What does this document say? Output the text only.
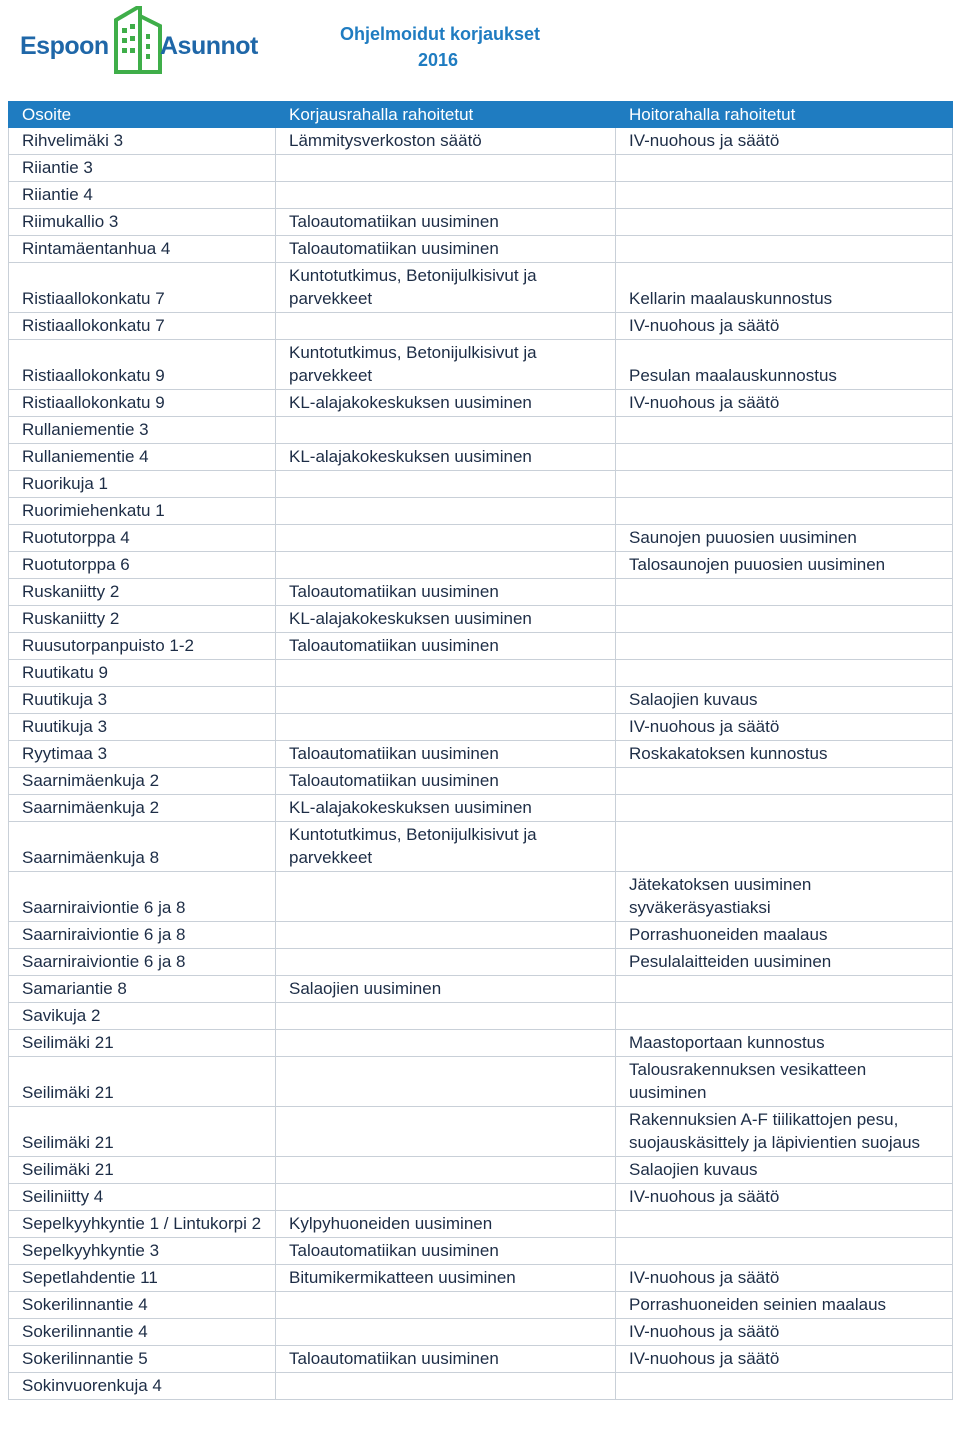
Espoon Asunnot	Ohjelmoidut korjaukset
2016
Osoite	Korjausrahalla rahoitetut	Hoitorahalla rahoitetut
Rihvelimäki 3	Lämmitysverkoston säätö	IV-nuohous ja säätö
Riiantie 3		
Riiantie 4		
Riimukallio 3	Taloautomatiikan uusiminen	
Rintamäentanhua 4	Taloautomatiikan uusiminen	
Ristiaallokonkatu 7	Kuntotutkimus, Betonijulkisivut ja parvekkeet	Kellarin maalauskunnostus
Ristiaallokonkatu 7		IV-nuohous ja säätö
Ristiaallokonkatu 9	Kuntotutkimus, Betonijulkisivut ja parvekkeet	Pesulan maalauskunnostus
Ristiaallokonkatu 9	KL-alajakokeskuksen uusiminen	IV-nuohous ja säätö
Rullaniementie 3		
Rullaniementie 4	KL-alajakokeskuksen uusiminen	
Ruorikuja 1		
Ruorimiehenkatu 1		
Ruotutorppa 4		Saunojen puuosien uusiminen
Ruotutorppa 6		Talosaunojen puuosien uusiminen
Ruskaniitty 2	Taloautomatiikan uusiminen	
Ruskaniitty 2	KL-alajakokeskuksen uusiminen	
Ruusutorpanpuisto 1-2	Taloautomatiikan uusiminen	
Ruutikatu 9		
Ruutikuja 3		Salaojien kuvaus
Ruutikuja 3		IV-nuohous ja säätö
Ryytimaa 3	Taloautomatiikan uusiminen	Roskakatoksen kunnostus
Saarnimäenkuja 2	Taloautomatiikan uusiminen	
Saarnimäenkuja 2	KL-alajakokeskuksen uusiminen	
Saarnimäenkuja 8	Kuntotutkimus, Betonijulkisivut ja parvekkeet	
Saarniraiviontie 6 ja 8		Jätekatoksen uusiminen syväkeräsyastiaksi
Saarniraiviontie 6 ja 8		Porrashuoneiden maalaus
Saarniraiviontie 6 ja 8		Pesulalaitteiden uusiminen
Samariantie 8	Salaojien uusiminen	
Savikuja 2		
Seilimäki 21		Maastoportaan kunnostus
Seilimäki 21		Talousrakennuksen vesikatteen uusiminen
Seilimäki 21		Rakennuksien A-F tiilikattojen pesu, suojauskäsittely ja läpivientien suojaus
Seilimäki 21		Salaojien kuvaus
Seiliniitty 4		IV-nuohous ja säätö
Sepelkyyhkyntie 1 / Lintukorpi 2	Kylpyhuoneiden uusiminen	
Sepelkyyhkyntie 3	Taloautomatiikan uusiminen	
Sepetlahdentie 11	Bitumikermikatteen uusiminen	IV-nuohous ja säätö
Sokerilinnantie 4		Porrashuoneiden seinien maalaus
Sokerilinnantie 4		IV-nuohous ja säätö
Sokerilinnantie 5	Taloautomatiikan uusiminen	IV-nuohous ja säätö
Sokinvuorenkuja 4		
